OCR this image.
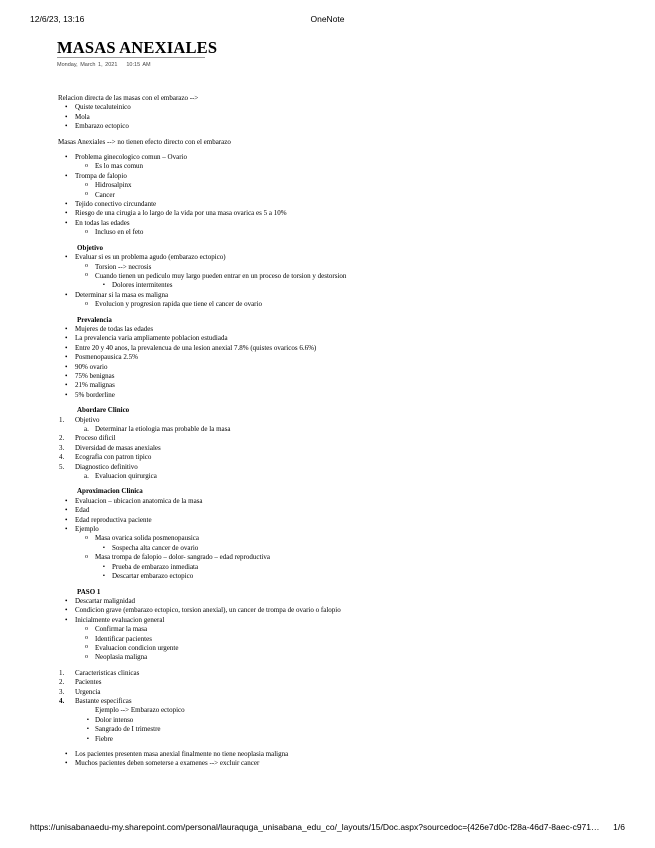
12/6/23, 13:16	OneNote
MASAS ANEXIALES
Monday, March 1, 2021 10:15 AM

Relacion directa de las masas con el embarazo -->

• Quiste tecaluteinico
• Mola
• Embarazo ectopico

Masas Anexiales --> no tienen efecto directo con el embarazo

• Problema ginecologico comun – Ovario
o Es lo mas comun
• Trompa de falopio
o Hidrosalpinx
o Cancer
• Tejido conectivo circundante
• Riesgo de una cirugia a lo largo de la vida por una masa ovarica es 5 a 10%
• En todas las edades
o Incluso en el feto

Objetivo

• Evaluar si es un problema agudo (embarazo ectopico)
o Torsion --> necrosis
o Cuando tienen un pediculo muy largo pueden entrar en un proceso de torsion y destorsion
▪ Dolores intermitentes
• Determinar si la masa es maligna
o Evolucion y progresion rapida que tiene el cancer de ovario

Prevalencia

• Mujeres de todas las edades
• La prevalencia varia ampliamente poblacion estudiada
• Entre 20 y 40 anos, la prevalencua de una lesion anexial 7.8% (quistes ovaricos 6.6%)
• Posmenopausica 2.5%
• 90% ovario
• 75% benignas
• 21% malignas
• 5% borderline

Abordare Clinico

1. Objetivo
a. Determinar la etiologia mas probable de la masa
2. Proceso dificil
3. Diversidad de masas anexiales
4. Ecografia con patron tipico
5. Diagnostico definitivo
a. Evaluacion quirurgica

Aproximacion Clinica

• Evaluacion – ubicacion anatomica de la masa
• Edad
• Edad reproductiva paciente
• Ejemplo
o Masa ovarica solida posmenopausica
▪ Sospecha alta cancer de ovario
o Masa trompa de falopio – dolor- sangrado – edad reproductiva
▪ Prueba de embarazo inmediata
▪ Descartar embarazo ectopico

PASO 1

• Descartar malignidad
• Condicion grave (embarazo ectopico, torsion anexial), un cancer de trompa de ovario o falopio
• Inicialmente evaluacion general
o Confirmar la masa
o Identificar pacientes
o Evaluacion condicion urgente
o Neoplasia maligna
1. Caracteristicas clinicas
2. Pacientes
3. Urgencia
4. Bastante especificas

Ejemplo --> Embarazo ectopico

▪ Dolor intenso
▪ Sangrado de I trimestre
▪ Fiebre
• Los pacientes presenten masa anexial finalmente no tiene neoplasia maligna
• Muchos pacientes deben someterse a examenes --> excluir cancer
https://unisabanaedu-my.sharepoint.com/personal/lauraquga_unisabana_edu_co/_layouts/15/Doc.aspx?sourcedoc={426e7d0c-f28a-46d7-8aec-c971… 1/6
